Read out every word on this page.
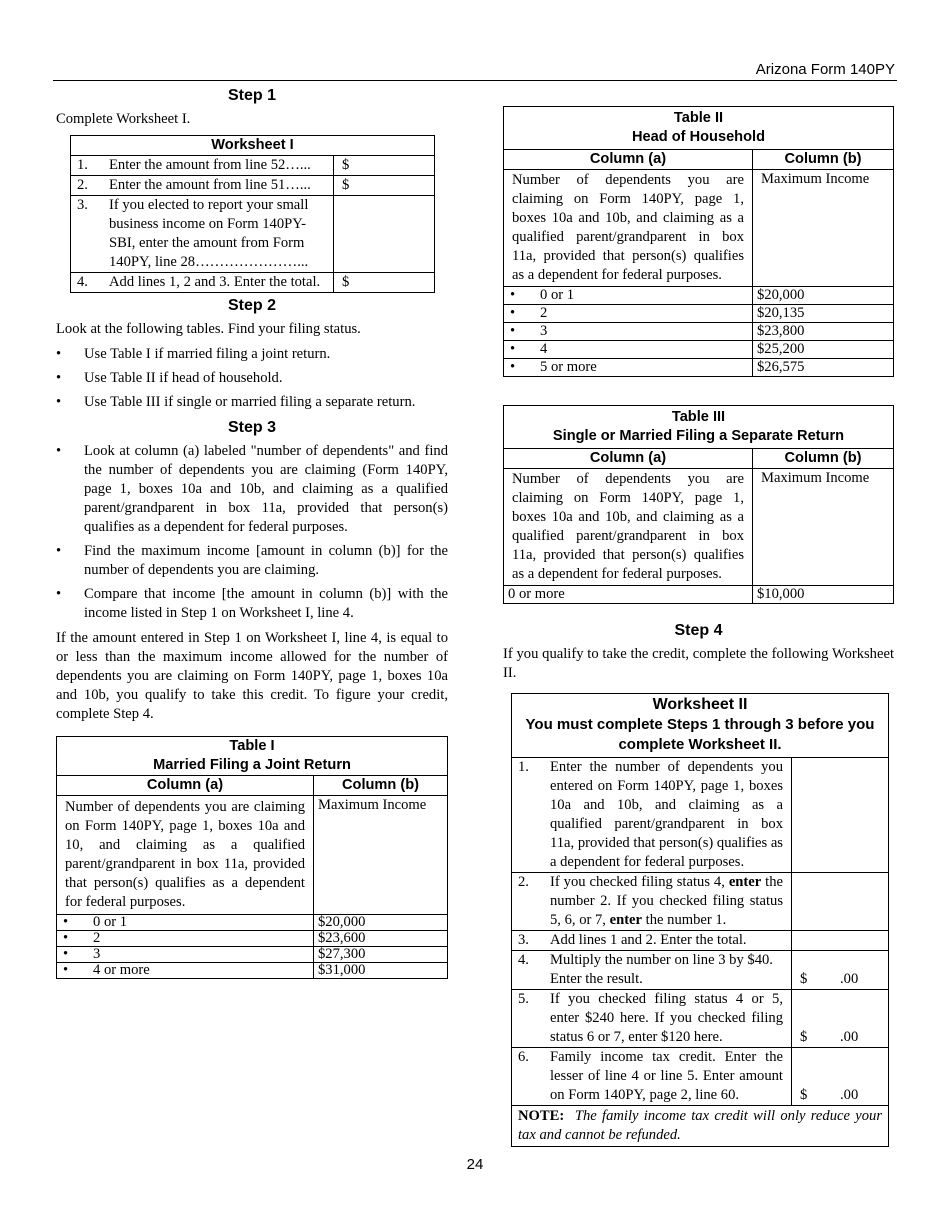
Arizona Form 140PY
Step 1

Complete Worksheet I.

Worksheet I		
1.	Enter the amount from line 52…...	$
2.	Enter the amount from line 51…...	$
3.	If you elected to report your small business income on Form 140PY-SBI, enter the amount from Form 140PY, line 28…………………...	
4.	Add lines 1, 2 and 3. Enter the total.	$
Step 2

Look at the following tables. Find your filing status.

• Use Table I if married filing a joint return.
• Use Table II if head of household.
• Use Table III if single or married filing a separate return.
Step 3
• Look at column (a) labeled "number of dependents" and find the number of dependents you are claiming (Form 140PY, page 1, boxes 10a and 10b, and claiming as a qualified parent/grandparent in box 11a, provided that person(s) qualifies as a dependent for federal purposes.
• Find the maximum income [amount in column (b)] for the number of dependents you are claiming.
• Compare that income [the amount in column (b)] with the income listed in Step 1 on Worksheet I, line 4.

If the amount entered in Step 1 on Worksheet I, line 4, is equal to or less than the maximum income allowed for the number of dependents you are claiming on Form 140PY, page 1, boxes 10a and 10b, you qualify to take this credit. To figure your credit, complete Step 4.

Table I
Married Filing a Joint Return	

Column (a)	Column (b)
Number of dependents you are claiming on Form 140PY, page 1, boxes 10a and 10, and claiming as a qualified parent/grandparent in box 11a, provided that person(s) qualifies as a dependent for federal purposes.	Maximum Income
• 0 or 1	$20,000
• 2	$23,600
• 3	$27,300
• 4 or more	$31,000
Table II
Head of Household	

Column (a)	Column (b)
Number of dependents you are claiming on Form 140PY, page 1, boxes 10a and 10b, and claiming as a qualified parent/grandparent in box 11a, provided that person(s) qualifies as a dependent for federal purposes.	Maximum Income
• 0 or 1	$20,000
• 2	$20,135
• 3	$23,800
• 4	$25,200
• 5 or more	$26,575
Table III
Single or Married Filing a Separate Return	

Column (a)	Column (b)
Number of dependents you are claiming on Form 140PY, page 1, boxes 10a and 10b, and claiming as a qualified parent/grandparent in box 11a, provided that person(s) qualifies as a dependent for federal purposes.	Maximum Income
0 or more	$10,000
Step 4

If you qualify to take the credit, complete the following Worksheet II.

Worksheet II
You must complete Steps 1 through 3 before you complete Worksheet II.		

1.	Enter the number of dependents you entered on Form 140PY, page 1, boxes 10a and 10b, and claiming as a qualified parent/grandparent in box 11a, provided that person(s) qualifies as a dependent for federal purposes.	
2.	If you checked filing status 4, enter the number 2. If you checked filing status 5, 6, or 7, enter the number 1.	
3.	Add lines 1 and 2. Enter the total.	
4.	Multiply the number on line 3 by $40. Enter the result.	$ .00
5.	If you checked filing status 4 or 5, enter $240 here. If you checked filing status 6 or 7, enter $120 here.	$ .00
6.	Family income tax credit. Enter the lesser of line 4 or line 5. Enter amount on Form 140PY, page 2, line 60.	$ .00
NOTE: The family income tax credit will only reduce your tax and cannot be refunded.		
24
